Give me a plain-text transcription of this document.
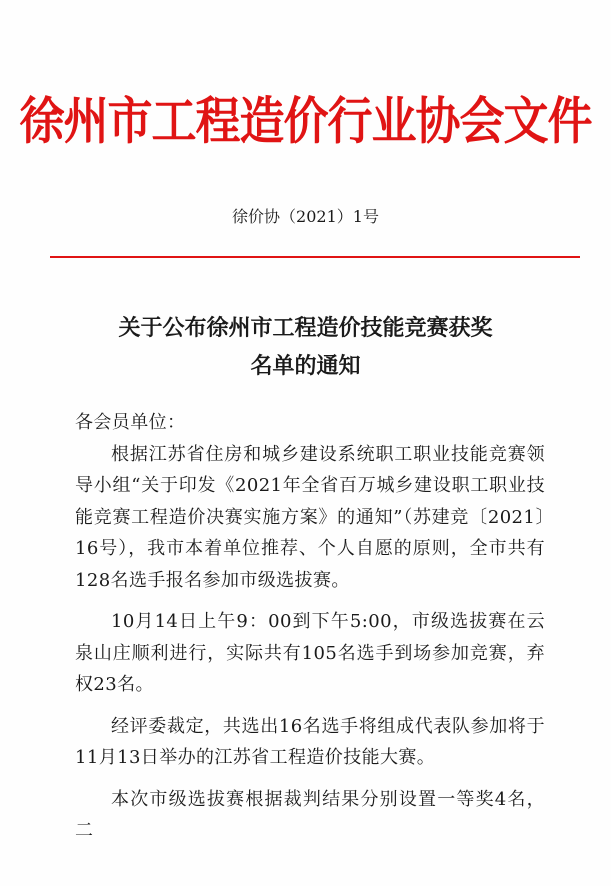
徐州市工程造价行业协会文件
徐价协（2021）1号
关于公布徐州市工程造价技能竞赛获奖
名单的通知

各会员单位：

根据江苏省住房和城乡建设系统职工职业技能竞赛领导小组“关于印发《2021年全省百万城乡建设职工职业技能竞赛工程造价决赛实施方案》的通知”（苏建竞〔2021〕16号），我市本着单位推荐、个人自愿的原则，全市共有128名选手报名参加市级选拔赛。

10月14日上午9：00到下午5:00，市级选拔赛在云泉山庄顺利进行，实际共有105名选手到场参加竞赛，弃权23名。

经评委裁定，共选出16名选手将组成代表队参加将于11月13日举办的江苏省工程造价技能大赛。

本次市级选拔赛根据裁判结果分别设置一等奖4名，二
